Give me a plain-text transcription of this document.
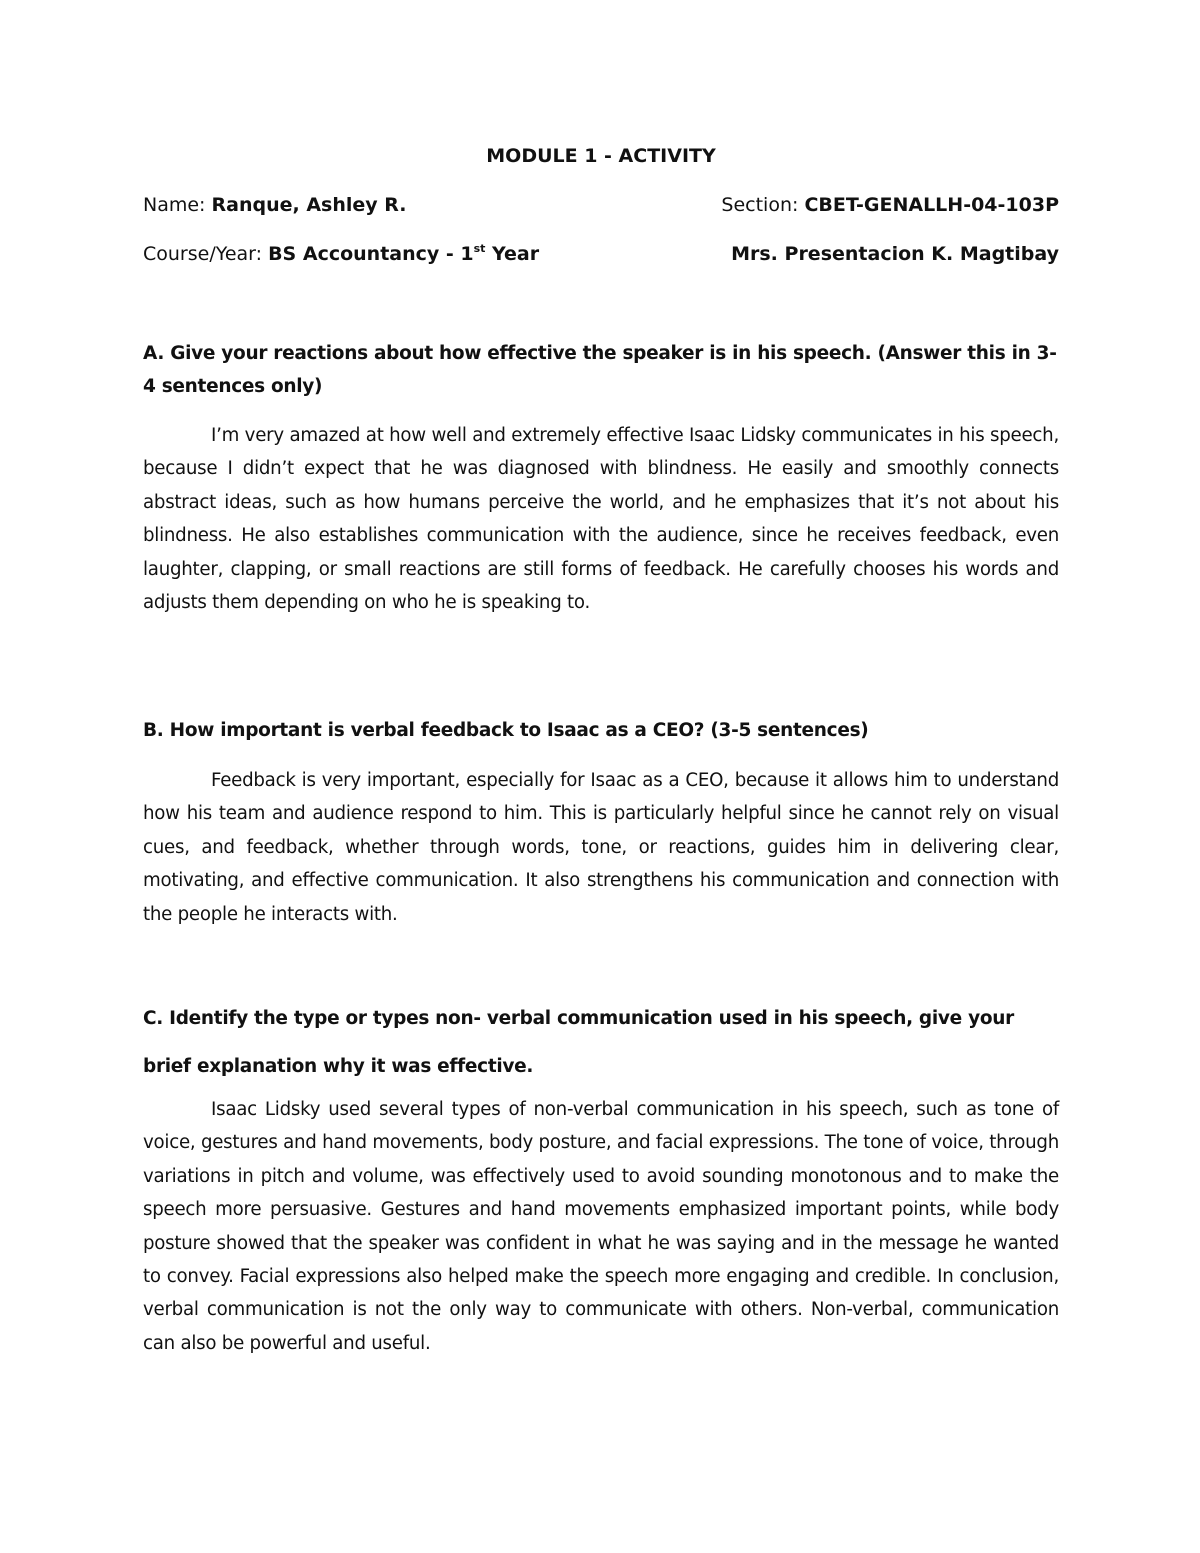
MODULE 1 - ACTIVITY
Name: Ranque, Ashley R.	Section: CBET-GENALLH-04-103P
Course/Year: BS Accountancy - 1st Year	Mrs. Presentacion K. Magtibay
A. Give your reactions about how effective the speaker is in his speech. (Answer this in 3-4 sentences only)

I’m very amazed at how well and extremely effective Isaac Lidsky communicates in his speech, because I didn’t expect that he was diagnosed with blindness. He easily and smoothly connects abstract ideas, such as how humans perceive the world, and he emphasizes that it’s not about his blindness. He also establishes communication with the audience, since he receives feedback, even laughter, clapping, or small reactions are still forms of feedback. He carefully chooses his words and adjusts them depending on who he is speaking to.

B. How important is verbal feedback to Isaac as a CEO? (3-5 sentences)

Feedback is very important, especially for Isaac as a CEO, because it allows him to understand how his team and audience respond to him. This is particularly helpful since he cannot rely on visual cues, and feedback, whether through words, tone, or reactions, guides him in delivering clear, motivating, and effective communication. It also strengthens his communication and connection with the people he interacts with.

C. Identify the type or types non- verbal communication used in his speech, give your brief explanation why it was effective.

Isaac Lidsky used several types of non-verbal communication in his speech, such as tone of voice, gestures and hand movements, body posture, and facial expressions. The tone of voice, through variations in pitch and volume, was effectively used to avoid sounding monotonous and to make the speech more persuasive. Gestures and hand movements emphasized important points, while body posture showed that the speaker was confident in what he was saying and in the message he wanted to convey. Facial expressions also helped make the speech more engaging and credible. In conclusion, verbal communication is not the only way to communicate with others. Non-verbal, communication can also be powerful and useful.
